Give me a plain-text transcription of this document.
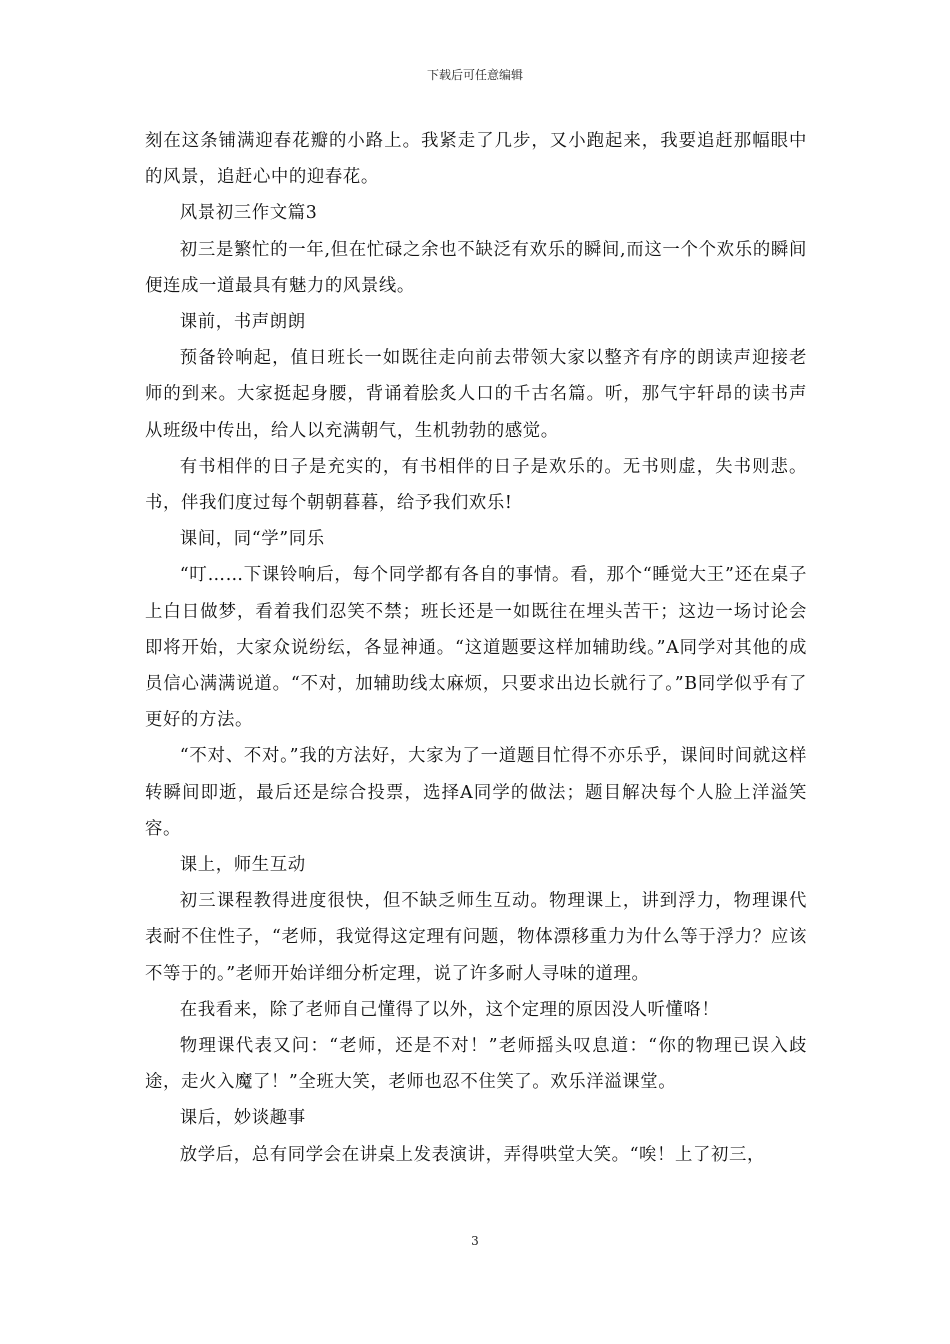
下载后可任意编辑

刻在这条铺满迎春花瓣的小路上。我紧走了几步，又小跑起来，我要追赶那幅眼中的风景，追赶心中的迎春花。

风景初三作文篇3

初三是繁忙的一年,但在忙碌之余也不缺泛有欢乐的瞬间,而这一个个欢乐的瞬间便连成一道最具有魅力的风景线。

课前，书声朗朗

预备铃响起，值日班长一如既往走向前去带领大家以整齐有序的朗读声迎接老师的到来。大家挺起身腰，背诵着脍炙人口的千古名篇。听，那气宇轩昂的读书声从班级中传出，给人以充满朝气，生机勃勃的感觉。

有书相伴的日子是充实的，有书相伴的日子是欢乐的。无书则虚，失书则悲。书，伴我们度过每个朝朝暮暮，给予我们欢乐!

课间，同“学”同乐

“叮……下课铃响后，每个同学都有各自的事情。看，那个“睡觉大王”还在桌子上白日做梦，看着我们忍笑不禁；班长还是一如既往在埋头苦干；这边一场讨论会即将开始，大家众说纷纭，各显神通。“这道题要这样加辅助线。”A同学对其他的成员信心满满说道。“不对，加辅助线太麻烦，只要求出边长就行了。”B同学似乎有了更好的方法。

“不对、不对。”我的方法好，大家为了一道题目忙得不亦乐乎，课间时间就这样转瞬间即逝，最后还是综合投票，选择A同学的做法；题目解决每个人脸上洋溢笑容。

课上，师生互动

初三课程教得进度很快，但不缺乏师生互动。物理课上，讲到浮力，物理课代表耐不住性子，“老师，我觉得这定理有问题，物体漂移重力为什么等于浮力？应该不等于的。”老师开始详细分析定理，说了许多耐人寻味的道理。

在我看来，除了老师自己懂得了以外，这个定理的原因没人听懂咯！

物理课代表又问：“老师，还是不对！”老师摇头叹息道：“你的物理已误入歧途，走火入魔了！”全班大笑，老师也忍不住笑了。欢乐洋溢课堂。

课后，妙谈趣事

放学后，总有同学会在讲桌上发表演讲，弄得哄堂大笑。“唉！上了初三，

3
